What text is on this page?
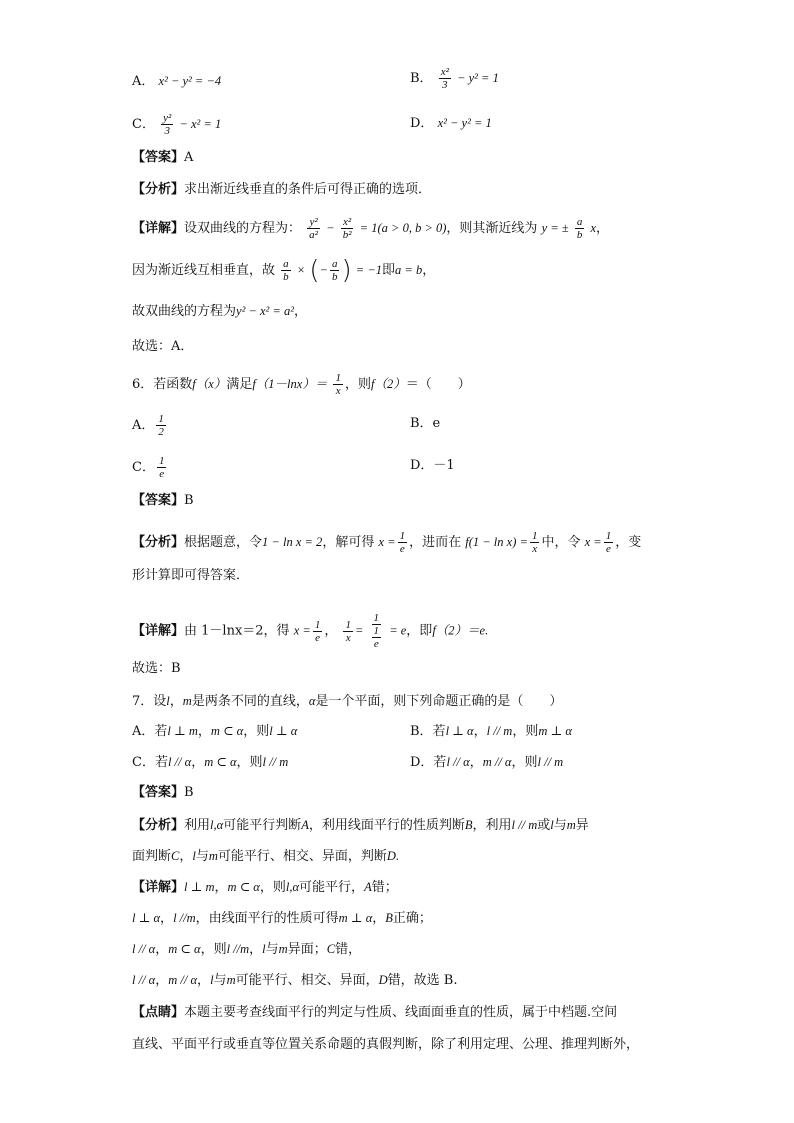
A． x² − y² = −4	B． $\frac{\text{x²}}{3} - y^2 = 1$
C． $\frac{\text{y²}}{3} - x^2 = 1$	D． x² − y² = 1
【答案】A
【分析】求出渐近线垂直的条件后可得正确的选项．
【详解】设双曲线的方程为： $\frac{\text{y²}}{\text{a²}} - \frac{\text{x²}}{\text{b²}} = 1(a > 0$, b > 0)，则其渐近线为 y = ± $\frac{a}{b}$ x，
因为渐近线互相垂直，故 $\frac{a}{b}$ × (− $\frac{a}{b}$ ) = −1即a = b，
故双曲线的方程为y² − x² = a²，
故选：A．
6．若函数f（x）满足$f(1-\ln x)= \frac{1}{x}$ ，则f（2）＝（　　）
A． $\frac{1}{2}$	B．e
C． $\frac{1}{e}$	D．－1
【答案】B
【分析】根据题意，令1 − ln x = 2，解可得 $x = \frac{1}{e}$ ，进而在 $f(1 - \ln x) = \frac{1}{x}$ 中，令 $x = \frac{1}{e}$ ，变
形计算即可得答案．
【详解】由 1－lnx＝2，得 $x = \frac{1}{e}$ ， $\frac{1}{x} = \frac{1}{\frac{1}{e}} = e$，即f（2）＝e.
故选：B
7．设l，m是两条不同的直线，α是一个平面，则下列命题正确的是（　　）
A．若l ⊥ m，m ⊂ α，则l ⊥ α	B．若l ⊥ α，l // m，则m ⊥ α
C．若l // α，m ⊂ α，则l // m	D．若l // α，m // α，则l // m
【答案】B
【分析】利用l,α可能平行判断A，利用线面平行的性质判断B，利用l // m或l与m异
面判断C，l与m可能平行、相交、异面，判断D.
【详解】l ⊥ m，m ⊂ α，则l,α可能平行，A错；
l ⊥ α，l //m，由线面平行的性质可得m ⊥ α，B正确；
l // α，m ⊂ α，则l //m，l与m异面；C错，
l // α，m // α，l与m可能平行、相交、异面，D错，故选 B.
【点睛】本题主要考查线面平行的判定与性质、线面面垂直的性质，属于中档题.空间
直线、平面平行或垂直等位置关系命题的真假判断，除了利用定理、公理、推理判断外，
